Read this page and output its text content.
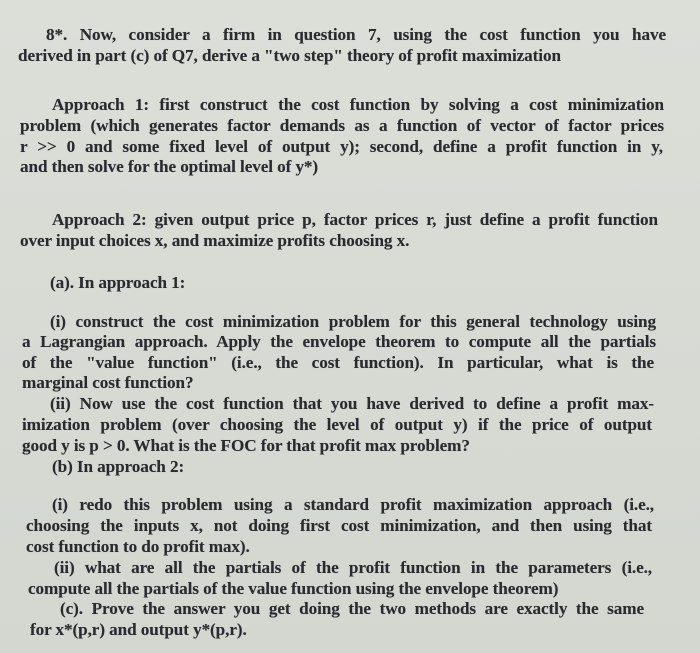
8*. Now, consider a firm in question 7, using the cost function you have
derived in part (c) of Q7, derive a "two step" theory of profit maximization
Approach 1: first construct the cost function by solving a cost minimization
problem (which generates factor demands as a function of vector of factor prices
r >> 0 and some fixed level of output y); second, define a profit function in y,
and then solve for the optimal level of y*)
Approach 2: given output price p, factor prices r, just define a profit function
over input choices x, and maximize profits choosing x.
(a). In approach 1:
(i) construct the cost minimization problem for this general technology using
a Lagrangian approach. Apply the envelope theorem to compute all the partials
of the "value function" (i.e., the cost function). In particular, what is the
marginal cost function?
(ii) Now use the cost function that you have derived to define a profit max-
imization problem (over choosing the level of output y) if the price of output
good y is p > 0. What is the FOC for that profit max problem?
(b) In approach 2:
(i) redo this problem using a standard profit maximization approach (i.e.,
choosing the inputs x, not doing first cost minimization, and then using that
cost function to do profit max).
(ii) what are all the partials of the profit function in the parameters (i.e.,
compute all the partials of the value function using the envelope theorem)
(c). Prove the answer you get doing the two methods are exactly the same
for x*(p,r) and output y*(p,r).
